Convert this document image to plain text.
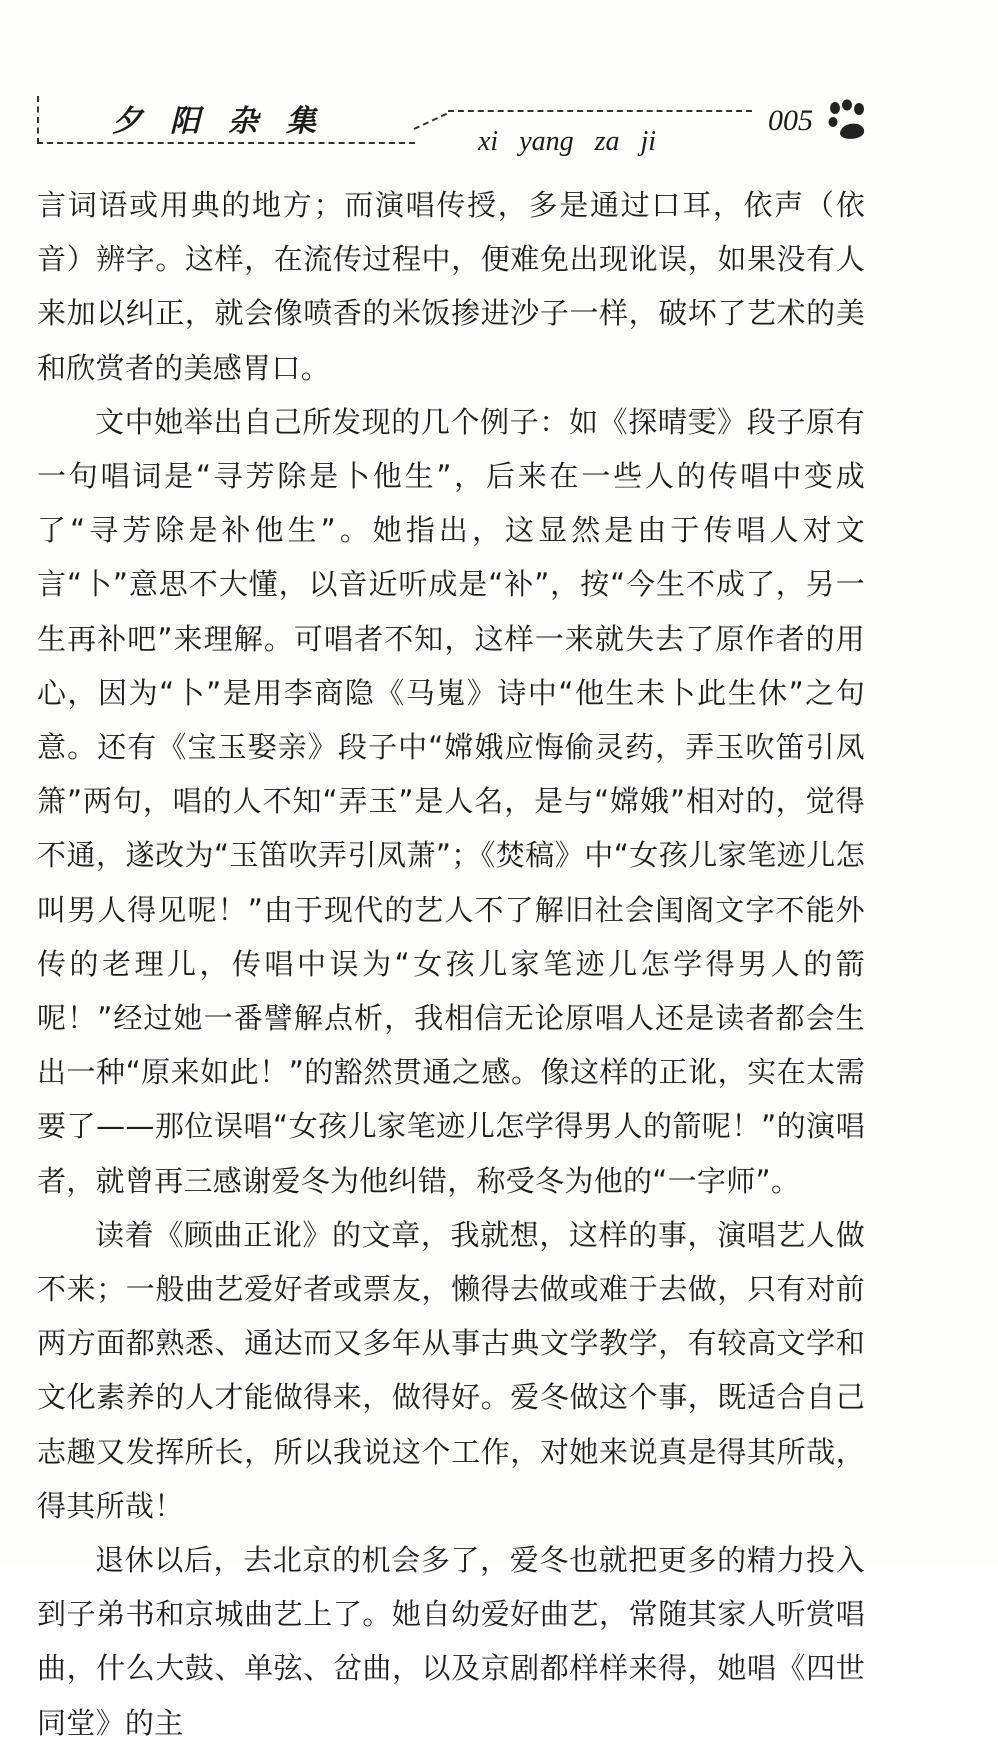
夕阳杂集
xi yang za ji
005

言词语或用典的地方；而演唱传授，多是通过口耳，依声（依音）辨字。这样，在流传过程中，便难免出现讹误，如果没有人来加以纠正，就会像喷香的米饭掺进沙子一样，破坏了艺术的美和欣赏者的美感胃口。

文中她举出自己所发现的几个例子：如《探晴雯》段子原有一句唱词是“寻芳除是卜他生”，后来在一些人的传唱中变成了“寻芳除是补他生”。她指出，这显然是由于传唱人对文言“卜”意思不大懂，以音近听成是“补”，按“今生不成了，另一生再补吧”来理解。可唱者不知，这样一来就失去了原作者的用心，因为“卜”是用李商隐《马嵬》诗中“他生未卜此生休”之句意。还有《宝玉娶亲》段子中“嫦娥应悔偷灵药，弄玉吹笛引凤箫”两句，唱的人不知“弄玉”是人名，是与“嫦娥”相对的，觉得不通，遂改为“玉笛吹弄引凤萧”；《焚稿》中“女孩儿家笔迹儿怎叫男人得见呢！”由于现代的艺人不了解旧社会闺阁文字不能外传的老理儿，传唱中误为“女孩儿家笔迹儿怎学得男人的箭呢！”经过她一番譬解点析，我相信无论原唱人还是读者都会生出一种“原来如此！”的豁然贯通之感。像这样的正讹，实在太需要了——那位误唱“女孩儿家笔迹儿怎学得男人的箭呢！”的演唱者，就曾再三感谢爱冬为他纠错，称受冬为他的“一字师”。

读着《顾曲正讹》的文章，我就想，这样的事，演唱艺人做不来；一般曲艺爱好者或票友，懒得去做或难于去做，只有对前两方面都熟悉、通达而又多年从事古典文学教学，有较高文学和文化素养的人才能做得来，做得好。爱冬做这个事，既适合自己志趣又发挥所长，所以我说这个工作，对她来说真是得其所哉，得其所哉！

退休以后，去北京的机会多了，爱冬也就把更多的精力投入到子弟书和京城曲艺上了。她自幼爱好曲艺，常随其家人听赏唱曲，什么大鼓、单弦、岔曲，以及京剧都样样来得，她唱《四世同堂》的主
